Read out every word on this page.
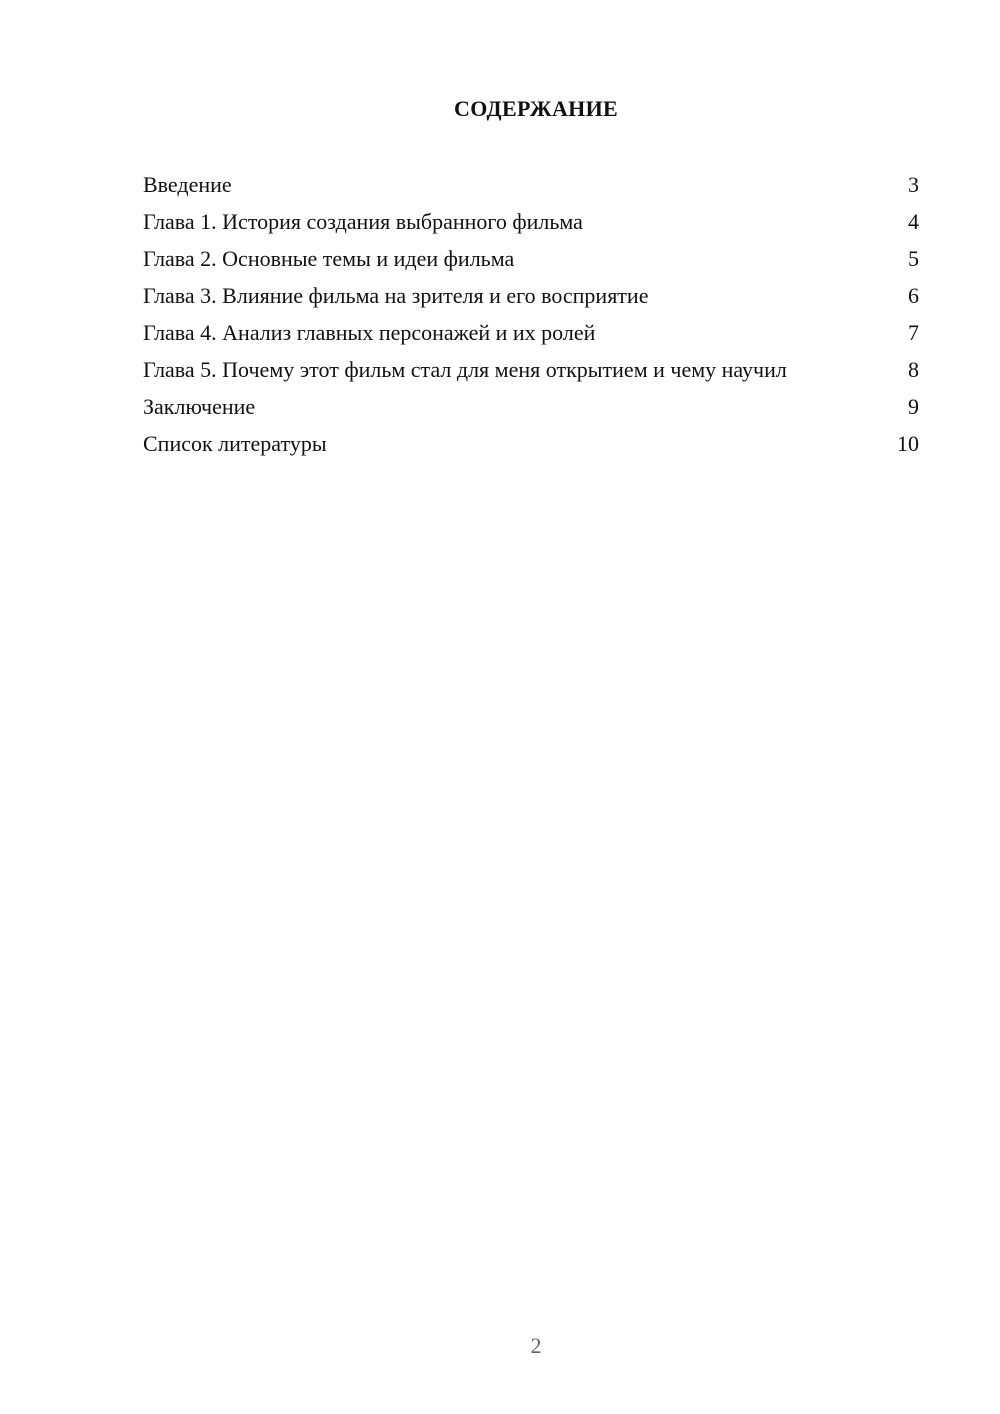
СОДЕРЖАНИЕ
Введение	3
Глава 1. История создания выбранного фильма	4
Глава 2. Основные темы и идеи фильма	5
Глава 3. Влияние фильма на зрителя и его восприятие	6
Глава 4. Анализ главных персонажей и их ролей	7
Глава 5. Почему этот фильм стал для меня открытием и чему научил	8
Заключение	9
Список литературы	10
2
